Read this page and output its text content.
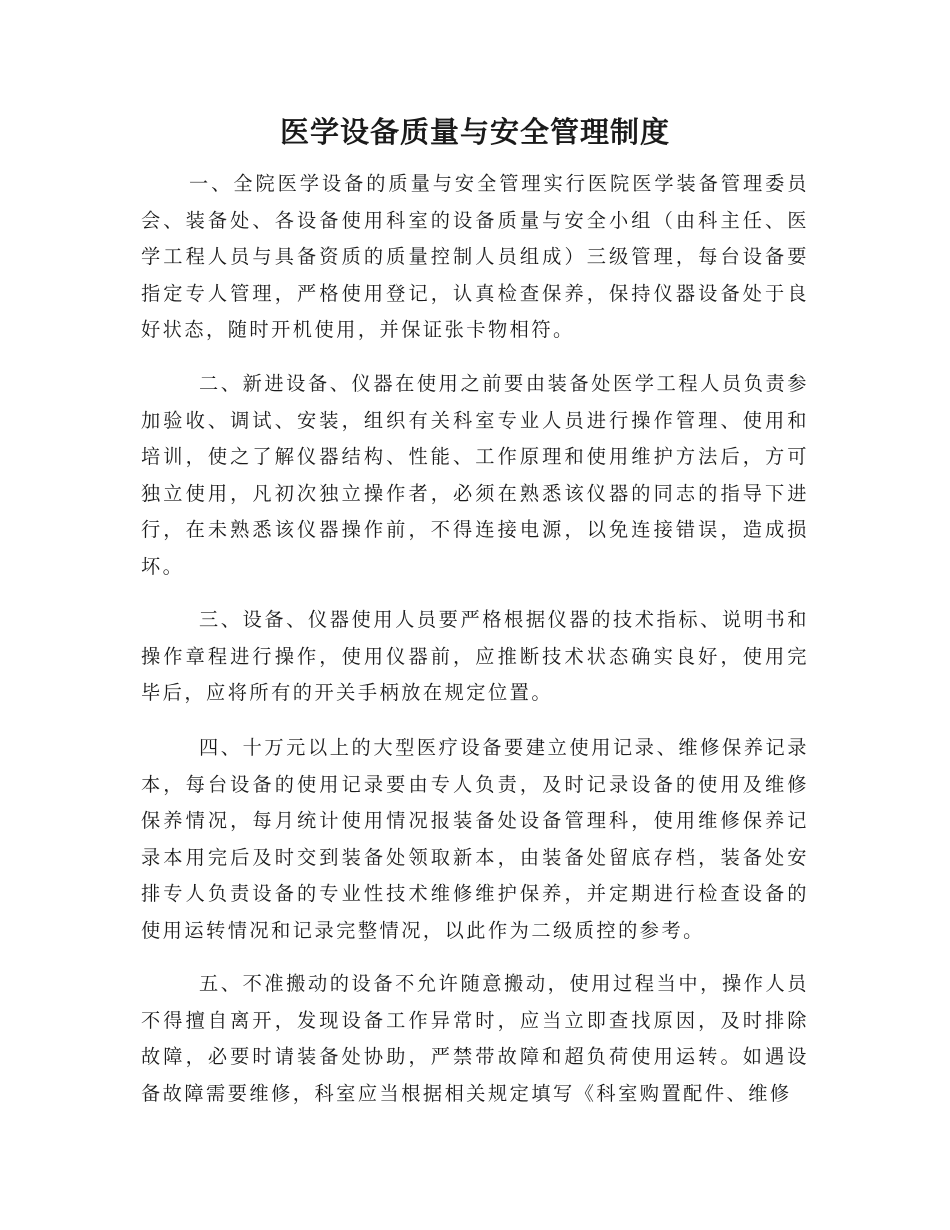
医学设备质量与安全管理制度

一、全院医学设备的质量与安全管理实行医院医学装备管理委员会、装备处、各设备使用科室的设备质量与安全小组（由科主任、医学工程人员与具备资质的质量控制人员组成）三级管理，每台设备要指定专人管理，严格使用登记，认真检查保养，保持仪器设备处于良好状态，随时开机使用，并保证张卡物相符。

二、新进设备、仪器在使用之前要由装备处医学工程人员负责参加验收、调试、安装，组织有关科室专业人员进行操作管理、使用和培训，使之了解仪器结构、性能、工作原理和使用维护方法后，方可独立使用，凡初次独立操作者，必须在熟悉该仪器的同志的指导下进行，在未熟悉该仪器操作前，不得连接电源，以免连接错误，造成损坏。

三、设备、仪器使用人员要严格根据仪器的技术指标、说明书和操作章程进行操作，使用仪器前，应推断技术状态确实良好，使用完毕后，应将所有的开关手柄放在规定位置。

四、十万元以上的大型医疗设备要建立使用记录、维修保养记录本，每台设备的使用记录要由专人负责，及时记录设备的使用及维修保养情况，每月统计使用情况报装备处设备管理科，使用维修保养记录本用完后及时交到装备处领取新本，由装备处留底存档，装备处安排专人负责设备的专业性技术维修维护保养，并定期进行检查设备的使用运转情况和记录完整情况，以此作为二级质控的参考。

五、不准搬动的设备不允许随意搬动，使用过程当中，操作人员不得擅自离开，发现设备工作异常时，应当立即查找原因，及时排除故障，必要时请装备处协助，严禁带故障和超负荷使用运转。如遇设备故障需要维修，科室应当根据相关规定填写《科室购置配件、维修
